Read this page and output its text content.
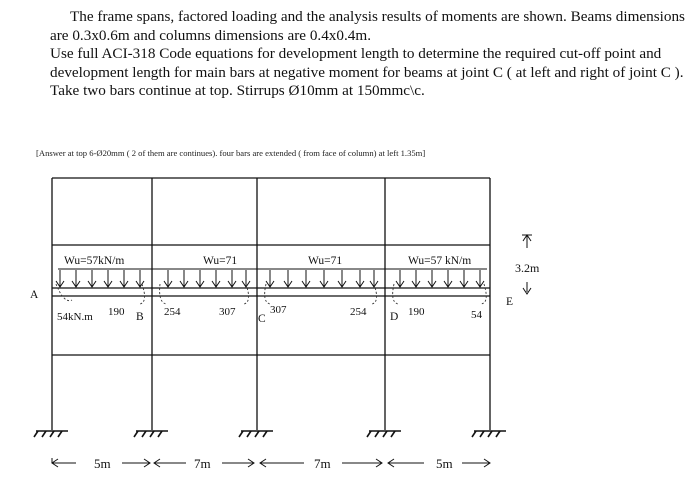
The frame spans, factored loading and the analysis results of moments are shown. Beams dimensions are 0.3x0.6m and columns dimensions are 0.4x0.4m.

Use full ACI-318 Code equations for development length to determine the required cut-off point and development length for main bars at negative moment for beams at joint C ( at left and right of joint C ). Take two bars continue at top. Stirrups Ø10mm at 150mmc\c.

[Answer at top 6-Ø20mm ( 2 of them are continues). four bars are extended ( from face of column) at left 1.35m]
Wu=57kN/m	Wu=71	Wu=71	Wu=57 kN/m
A
B	C	D
E
54kN.m 190	254	307	307	254	190	54
3.2m
5m	7m	7m	5m
